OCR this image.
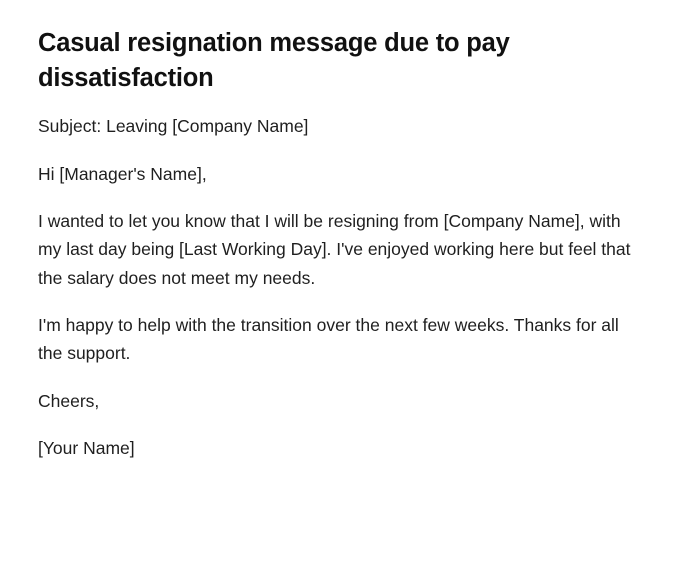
Casual resignation message due to pay dissatisfaction

Subject: Leaving [Company Name]

Hi [Manager's Name],

I wanted to let you know that I will be resigning from [Company Name], with my last day being [Last Working Day]. I've enjoyed working here but feel that the salary does not meet my needs.

I'm happy to help with the transition over the next few weeks. Thanks for all the support.

Cheers,

[Your Name]
